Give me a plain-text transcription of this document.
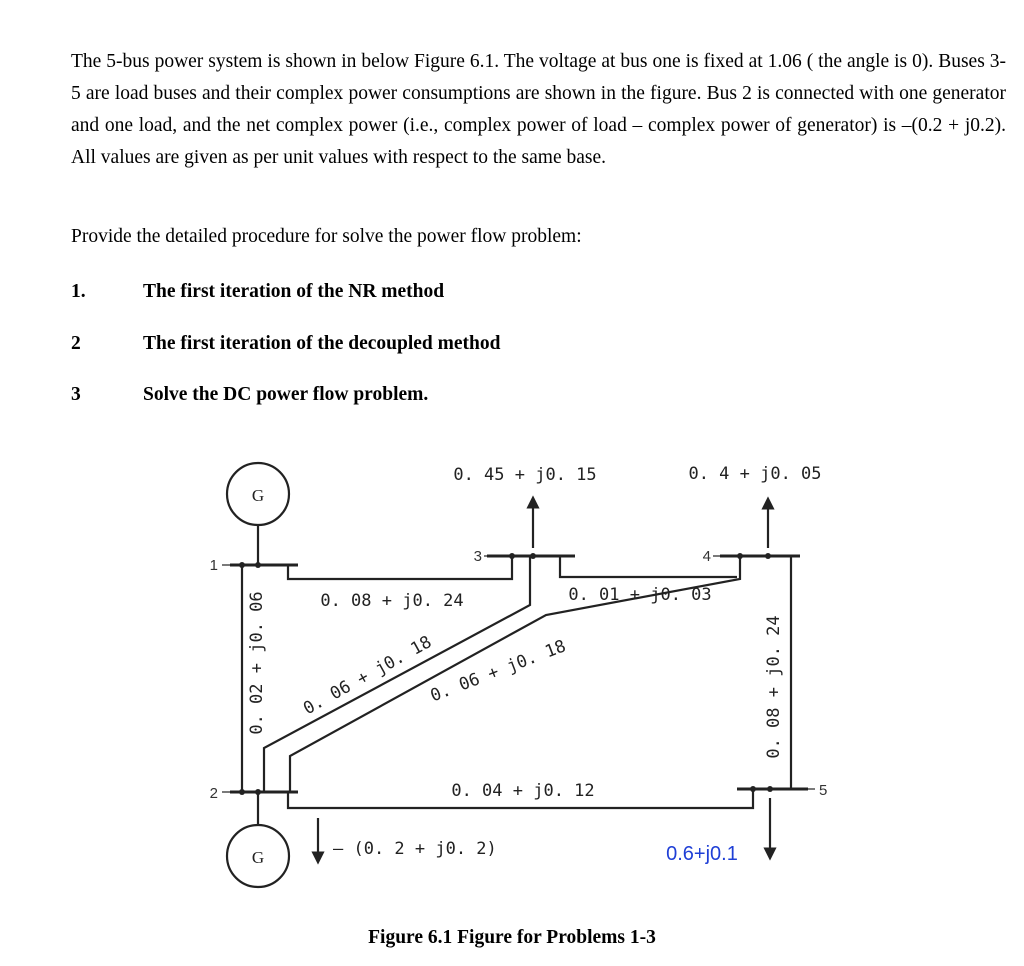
The 5-bus power system is shown in below Figure 6.1. The voltage at bus one is fixed at 1.06 ( the angle is 0). Buses 3-5 are load buses and their complex power consumptions are shown in the figure. Bus 2 is connected with one generator and one load, and the net complex power (i.e., complex power of load – complex power of generator) is –(0.2 + j0.2). All values are given as per unit values with respect to the same base.
Provide the detailed procedure for solve the power flow problem:
1.	The first iteration of the NR method
2	The first iteration of the decoupled method
3	Solve the DC power flow problem.
G
G
1
2
3	4
5
0. 02 + j0. 06	0. 08 + j0. 24
0. 06 + j0. 18
0. 06 + j0. 18
0. 01 + j0. 03
0. 04 + j0. 12
0. 08 + j0. 24
0. 45 + j0. 15	0. 4 + j0. 05
– (0. 2 + j0. 2)	0.6+j0.1
Figure 6.1 Figure for Problems 1-3
